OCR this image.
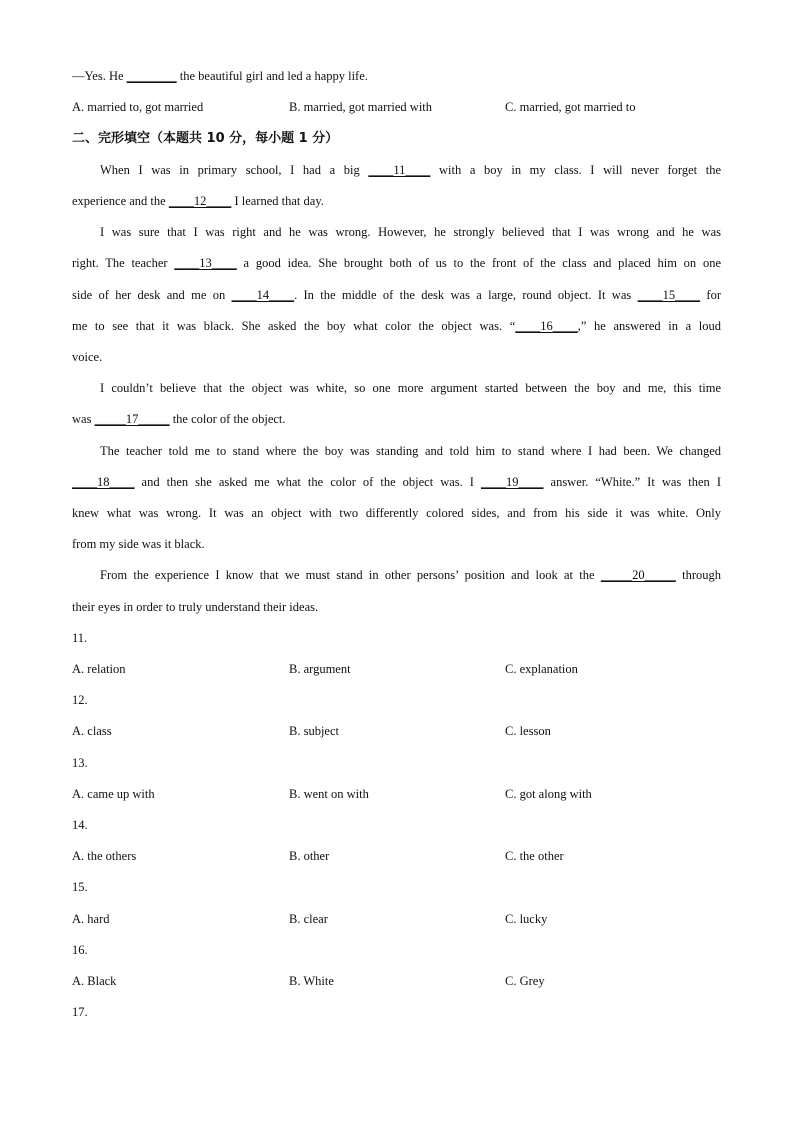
—Yes. He ________ the beautiful girl and led a happy life.
A. married to, got married	B. married, got married with	C. married, got married to
二、完形填空（本题共 10 分，每小题 1 分）
When I was in primary school, I had a big ____11____ with a boy in my class. I will never forget the
experience and the ____12____ I learned that day.
I was sure that I was right and he was wrong. However, he strongly believed that I was wrong and he was
right. The teacher ____13____ a good idea. She brought both of us to the front of the class and placed him on one
side of her desk and me on ____14____. In the middle of the desk was a large, round object. It was ____15____ for
me to see that it was black. She asked the boy what color the object was. “____16____,” he answered in a loud
voice.
I couldn’t believe that the object was white, so one more argument started between the boy and me, this time
was _____17_____ the color of the object.
The teacher told me to stand where the boy was standing and told him to stand where I had been. We changed
____18____ and then she asked me what the color of the object was. I ____19____ answer. “White.” It was then I
knew what was wrong. It was an object with two differently colored sides, and from his side it was white. Only
from my side was it black.
From the experience I know that we must stand in other persons’ position and look at the _____20_____ through
their eyes in order to truly understand their ideas.
11.
A. relation	B. argument	C. explanation
12.
A. class	B. subject	C. lesson
13.
A. came up with	B. went on with	C. got along with
14.
A. the others	B. other	C. the other
15.
A. hard	B. clear	C. lucky
16.
A. Black	B. White	C. Grey
17.
